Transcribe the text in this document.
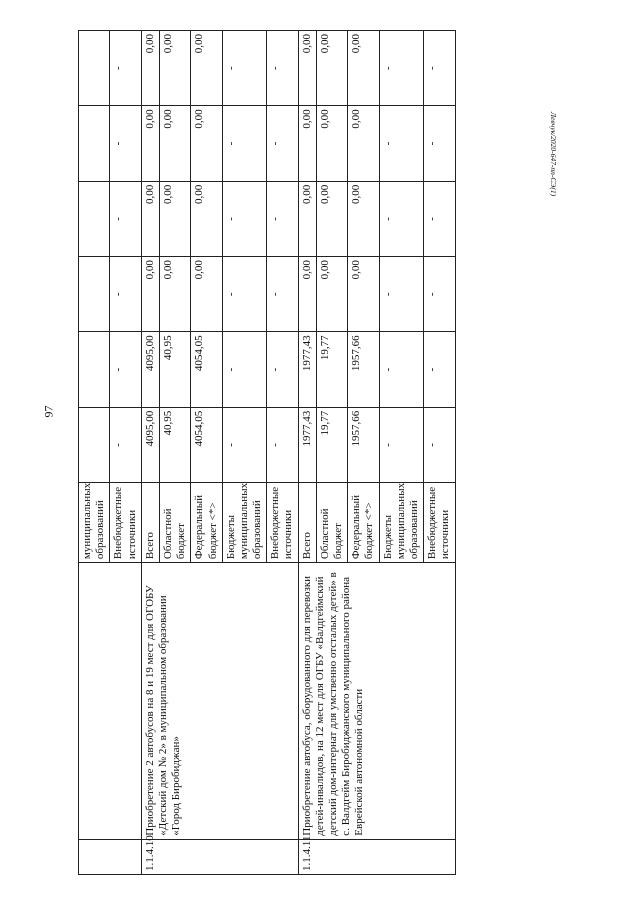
97
Левчук/2020-647-пп-СЭ(1)
		муниципальных образований						
		Внебюджетные источники	-	-	-	-	-	-
1.1.4.10	Приобретение 2 автобусов на 8 и 19 мест для ОГОБУ «Детский дом № 2» в муниципальном образовании «Город Биробиджан»	Всего	4095,00	4095,00	0,00	0,00	0,00	0,00
		Областной бюджет	40,95	40,95	0,00	0,00	0,00	0,00
		Федеральный бюджет <*>	4054,05	4054,05	0,00	0,00	0,00	0,00
		Бюджеты муниципальных образований	-	-	-	-	-	-
		Внебюджетные источники	-	-	-	-	-	-
1.1.4.11	Приобретение автобуса, оборудованного для перевозки детей-инвалидов, на 12 мест для ОГБУ «Валдгеймский детский дом-интернат для умственно отсталых детей» в с. Валдгейм Биробиджанского муниципального района Еврейской автономной области	Всего	1977,43	1977,43	0,00	0,00	0,00	0,00
		Областной бюджет	19,77	19,77	0,00	0,00	0,00	0,00
		Федеральный бюджет <*>	1957,66	1957,66	0,00	0,00	0,00	0,00
		Бюджеты муниципальных образований	-	-	-	-	-	-
		Внебюджетные источники	-	-	-	-	-	-
